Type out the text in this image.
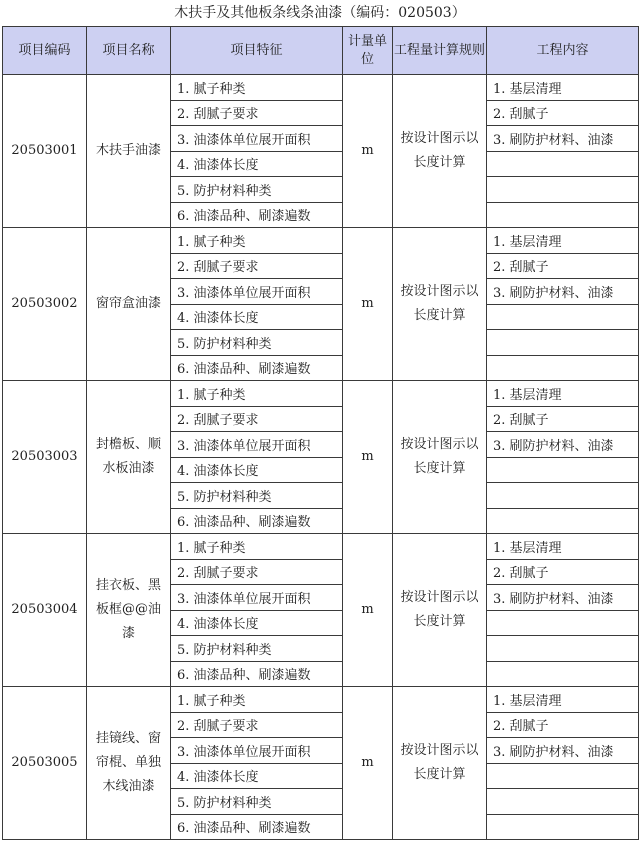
木扶手及其他板条线条油漆（编码：020503）
项目编码	项目名称	项目特征	计量单位	工程量计算规则	工程内容
20503001	木扶手油漆	1. 腻子种类	m	按设计图示以长度计算	1. 基层清理
		2. 刮腻子要求			2. 刮腻子
		3. 油漆体单位展开面积			3. 刷防护材料、油漆
		4. 油漆体长度			
		5. 防护材料种类			
		6. 油漆品种、刷漆遍数			
20503002	窗帘盒油漆	1. 腻子种类	m	按设计图示以长度计算	1. 基层清理
		2. 刮腻子要求			2. 刮腻子
		3. 油漆体单位展开面积			3. 刷防护材料、油漆
		4. 油漆体长度			
		5. 防护材料种类			
		6. 油漆品种、刷漆遍数			
20503003	封檐板、顺水板油漆	1. 腻子种类	m	按设计图示以长度计算	1. 基层清理
		2. 刮腻子要求			2. 刮腻子
		3. 油漆体单位展开面积			3. 刷防护材料、油漆
		4. 油漆体长度			
		5. 防护材料种类			
		6. 油漆品种、刷漆遍数			
20503004	挂衣板、黑板框@@油漆	1. 腻子种类	m	按设计图示以长度计算	1. 基层清理
		2. 刮腻子要求			2. 刮腻子
		3. 油漆体单位展开面积			3. 刷防护材料、油漆
		4. 油漆体长度			
		5. 防护材料种类			
		6. 油漆品种、刷漆遍数			
20503005	挂镜线、窗帘棍、单独木线油漆	1. 腻子种类	m	按设计图示以长度计算	1. 基层清理
		2. 刮腻子要求			2. 刮腻子
		3. 油漆体单位展开面积			3. 刷防护材料、油漆
		4. 油漆体长度			
		5. 防护材料种类			
		6. 油漆品种、刷漆遍数			
